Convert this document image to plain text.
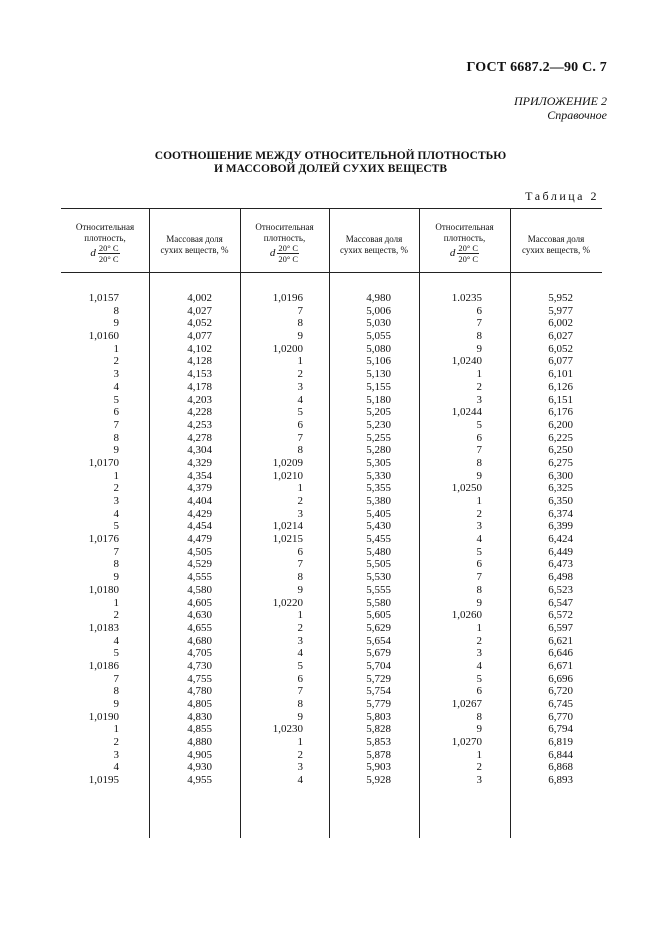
ГОСТ 6687.2—90 С. 7
ПРИЛОЖЕНИЕ 2
Справочное
СООТНОШЕНИЕ МЕЖДУ ОТНОСИТЕЛЬНОЙ ПЛОТНОСТЬЮ
И МАССОВОЙ ДОЛЕЙ СУХИХ ВЕЩЕСТВ
Таблица 2
Относительная
плотность,
d $\frac{20^\circ C}{20^\circ C}$
Массовая доля
сухих веществ, %
Относительная
плотность,
d $\frac{20^\circ C}{20^\circ C}$
Массовая доля
сухих веществ, %
Относительная
плотность,
d $\frac{20^\circ C}{20^\circ C}$
Массовая доля
сухих веществ, %
1,0157
8
9
1,0160
1
2
3
4
5
6
7
8
9
1,0170
1
2
3
4
5
1,0176
7
8
9
1,0180
1
2
1,0183
4
5
1,0186
7
8
9
1,0190
1
2
3
4
1,0195
4,002
4,027
4,052
4,077
4,102
4,128
4,153
4,178
4,203
4,228
4,253
4,278
4,304
4,329
4,354
4,379
4,404
4,429
4,454
4,479
4,505
4,529
4,555
4,580
4,605
4,630
4,655
4,680
4,705
4,730
4,755
4,780
4,805
4,830
4,855
4,880
4,905
4,930
4,955
1,0196
7
8
9
1,0200
1
2
3
4
5
6
7
8
1,0209
1,0210
1
2
3
1,0214
1,0215
6
7
8
9
1,0220
1
2
3
4
5
6
7
8
9
1,0230
1
2
3
4
4,980
5,006
5,030
5,055
5,080
5,106
5,130
5,155
5,180
5,205
5,230
5,255
5,280
5,305
5,330
5,355
5,380
5,405
5,430
5,455
5,480
5,505
5,530
5,555
5,580
5,605
5,629
5,654
5,679
5,704
5,729
5,754
5,779
5,803
5,828
5,853
5,878
5,903
5,928
1.0235
6
7
8
9
1,0240
1
2
3
1,0244
5
6
7
8
9
1,0250
1
2
3
4
5
6
7
8
9
1,0260
1
2
3
4
5
6
1,0267
8
9
1,0270
1
2
3
5,952
5,977
6,002
6,027
6,052
6,077
6,101
6,126
6,151
6,176
6,200
6,225
6,250
6,275
6,300
6,325
6,350
6,374
6,399
6,424
6,449
6,473
6,498
6,523
6,547
6,572
6,597
6,621
6,646
6,671
6,696
6,720
6,745
6,770
6,794
6,819
6,844
6,868
6,893
